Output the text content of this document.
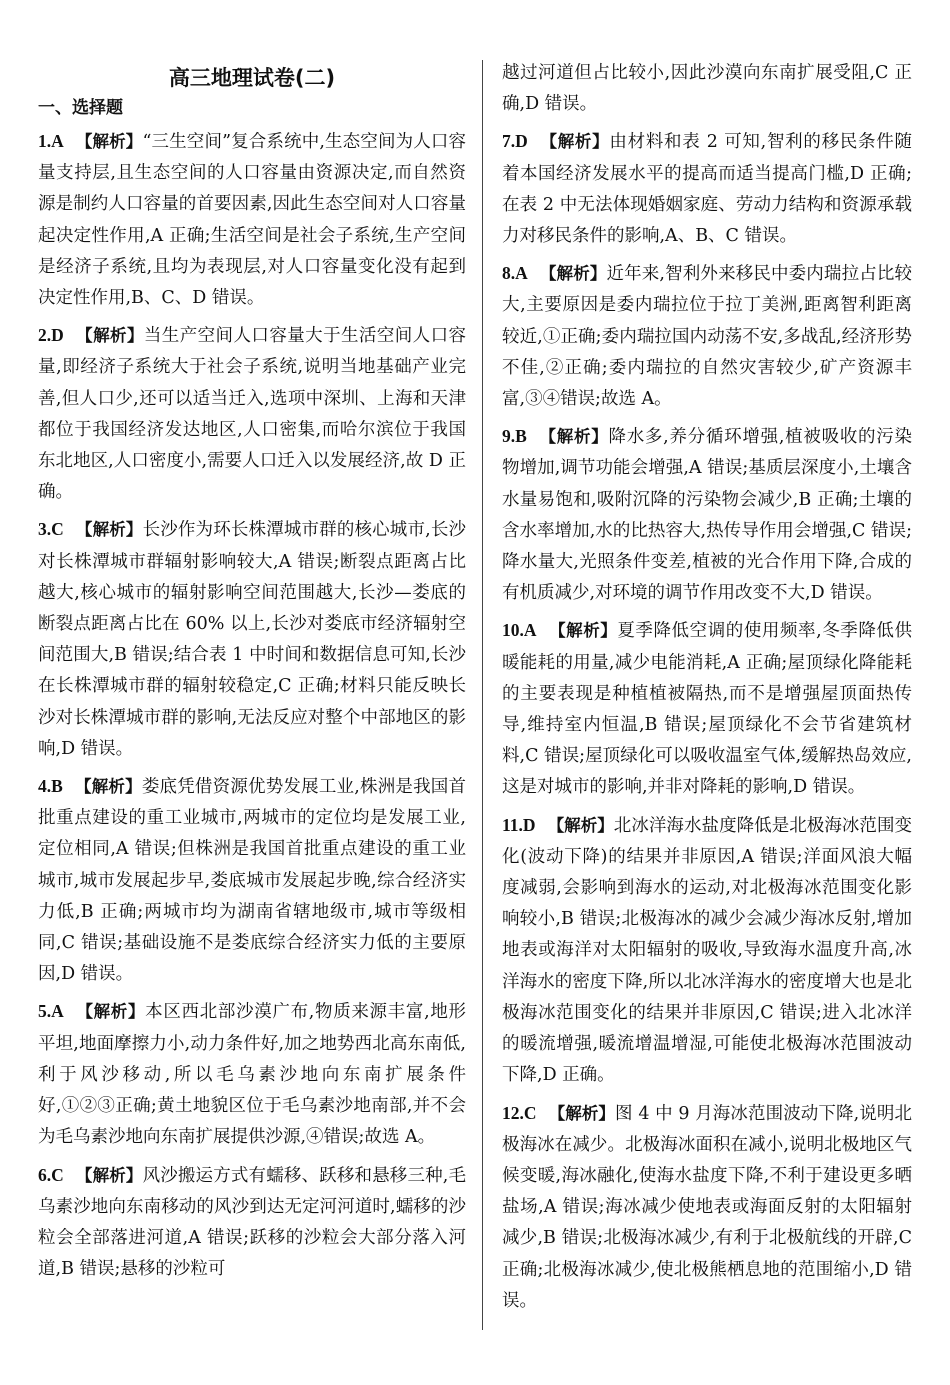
高三地理试卷(二)
一、选择题

1.A 【解析】“三生空间”复合系统中,生态空间为人口容量支持层,且生态空间的人口容量由资源决定,而自然资源是制约人口容量的首要因素,因此生态空间对人口容量起决定性作用,A 正确;生活空间是社会子系统,生产空间是经济子系统,且均为表现层,对人口容量变化没有起到决定性作用,B、C、D 错误。

2.D 【解析】当生产空间人口容量大于生活空间人口容量,即经济子系统大于社会子系统,说明当地基础产业完善,但人口少,还可以适当迁入,选项中深圳、上海和天津都位于我国经济发达地区,人口密集,而哈尔滨位于我国东北地区,人口密度小,需要人口迁入以发展经济,故 D 正确。

3.C 【解析】长沙作为环长株潭城市群的核心城市,长沙对长株潭城市群辐射影响较大,A 错误;断裂点距离占比越大,核心城市的辐射影响空间范围越大,长沙—娄底的断裂点距离占比在 60% 以上,长沙对娄底市经济辐射空间范围大,B 错误;结合表 1 中时间和数据信息可知,长沙在长株潭城市群的辐射较稳定,C 正确;材料只能反映长沙对长株潭城市群的影响,无法反应对整个中部地区的影响,D 错误。

4.B 【解析】娄底凭借资源优势发展工业,株洲是我国首批重点建设的重工业城市,两城市的定位均是发展工业,定位相同,A 错误;但株洲是我国首批重点建设的重工业城市,城市发展起步早,娄底城市发展起步晚,综合经济实力低,B 正确;两城市均为湖南省辖地级市,城市等级相同,C 错误;基础设施不是娄底综合经济实力低的主要原因,D 错误。

5.A 【解析】本区西北部沙漠广布,物质来源丰富,地形平坦,地面摩擦力小,动力条件好,加之地势西北高东南低,利于风沙移动,所以毛乌素沙地向东南扩展条件好,①②③正确;黄土地貌区位于毛乌素沙地南部,并不会为毛乌素沙地向东南扩展提供沙源,④错误;故选 A。

6.C 【解析】风沙搬运方式有蠕移、跃移和悬移三种,毛乌素沙地向东南移动的风沙到达无定河河道时,蠕移的沙粒会全部落进河道,A 错误;跃移的沙粒会大部分落入河道,B 错误;悬移的沙粒可

越过河道但占比较小,因此沙漠向东南扩展受阻,C 正确,D 错误。

7.D 【解析】由材料和表 2 可知,智利的移民条件随着本国经济发展水平的提高而适当提高门槛,D 正确;在表 2 中无法体现婚姻家庭、劳动力结构和资源承载力对移民条件的影响,A、B、C 错误。

8.A 【解析】近年来,智利外来移民中委内瑞拉占比较大,主要原因是委内瑞拉位于拉丁美洲,距离智利距离较近,①正确;委内瑞拉国内动荡不安,多战乱,经济形势不佳,②正确;委内瑞拉的自然灾害较少,矿产资源丰富,③④错误;故选 A。

9.B 【解析】降水多,养分循环增强,植被吸收的污染物增加,调节功能会增强,A 错误;基质层深度小,土壤含水量易饱和,吸附沉降的污染物会减少,B 正确;土壤的含水率增加,水的比热容大,热传导作用会增强,C 错误;降水量大,光照条件变差,植被的光合作用下降,合成的有机质减少,对环境的调节作用改变不大,D 错误。

10.A 【解析】夏季降低空调的使用频率,冬季降低供暖能耗的用量,减少电能消耗,A 正确;屋顶绿化降能耗的主要表现是种植植被隔热,而不是增强屋顶面热传导,维持室内恒温,B 错误;屋顶绿化不会节省建筑材料,C 错误;屋顶绿化可以吸收温室气体,缓解热岛效应,这是对城市的影响,并非对降耗的影响,D 错误。

11.D 【解析】北冰洋海水盐度降低是北极海冰范围变化(波动下降)的结果并非原因,A 错误;洋面风浪大幅度减弱,会影响到海水的运动,对北极海冰范围变化影响较小,B 错误;北极海冰的减少会减少海冰反射,增加地表或海洋对太阳辐射的吸收,导致海水温度升高,冰洋海水的密度下降,所以北冰洋海水的密度增大也是北极海冰范围变化的结果并非原因,C 错误;进入北冰洋的暖流增强,暖流增温增湿,可能使北极海冰范围波动下降,D 正确。

12.C 【解析】图 4 中 9 月海冰范围波动下降,说明北极海冰在减少。北极海冰面积在减小,说明北极地区气候变暖,海冰融化,使海水盐度下降,不利于建设更多晒盐场,A 错误;海冰减少使地表或海面反射的太阳辐射减少,B 错误;北极海冰减少,有利于北极航线的开辟,C 正确;北极海冰减少,使北极熊栖息地的范围缩小,D 错误。
